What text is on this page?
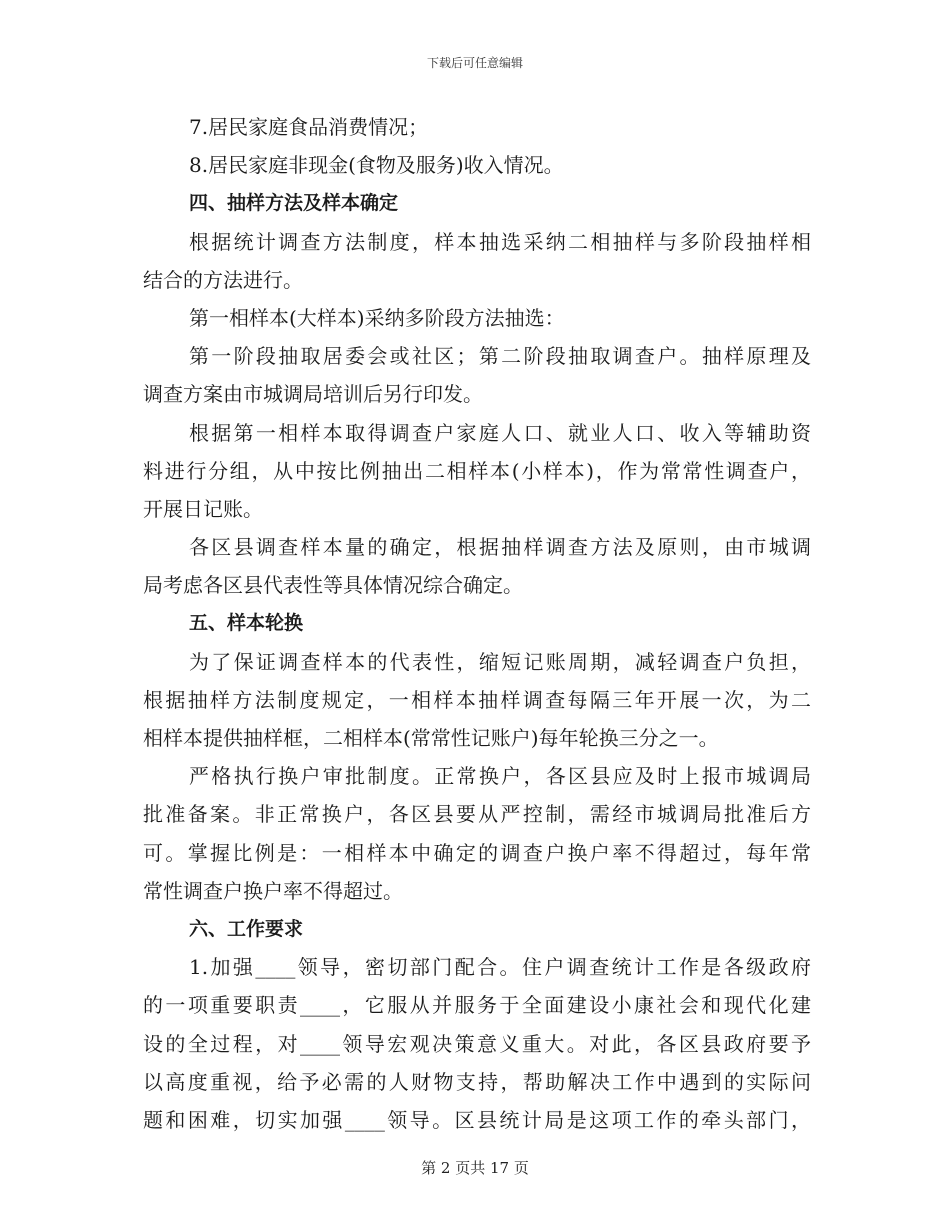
下载后可任意编辑
7.居民家庭食品消费情况；
8.居民家庭非现金(食物及服务)收入情况。
四、抽样方法及样本确定
根据统计调查方法制度，样本抽选采纳二相抽样与多阶段抽样相
结合的方法进行。
第一相样本(大样本)采纳多阶段方法抽选：
第一阶段抽取居委会或社区；第二阶段抽取调查户。抽样原理及
调查方案由市城调局培训后另行印发。
根据第一相样本取得调查户家庭人口、就业人口、收入等辅助资
料进行分组，从中按比例抽出二相样本(小样本)，作为常常性调查户，
开展日记账。
各区县调查样本量的确定，根据抽样调查方法及原则，由市城调
局考虑各区县代表性等具体情况综合确定。
五、样本轮换
为了保证调查样本的代表性，缩短记账周期，减轻调查户负担，
根据抽样方法制度规定，一相样本抽样调查每隔三年开展一次，为二
相样本提供抽样框，二相样本(常常性记账户)每年轮换三分之一。
严格执行换户审批制度。正常换户，各区县应及时上报市城调局
批准备案。非正常换户，各区县要从严控制，需经市城调局批准后方
可。掌握比例是：一相样本中确定的调查户换户率不得超过，每年常
常性调查户换户率不得超过。
六、工作要求
1.加强____领导，密切部门配合。住户调查统计工作是各级政府
的一项重要职责____，它服从并服务于全面建设小康社会和现代化建
设的全过程，对____领导宏观决策意义重大。对此，各区县政府要予
以高度重视，给予必需的人财物支持，帮助解决工作中遇到的实际问
题和困难，切实加强____领导。区县统计局是这项工作的牵头部门，
第 2 页共 17 页
